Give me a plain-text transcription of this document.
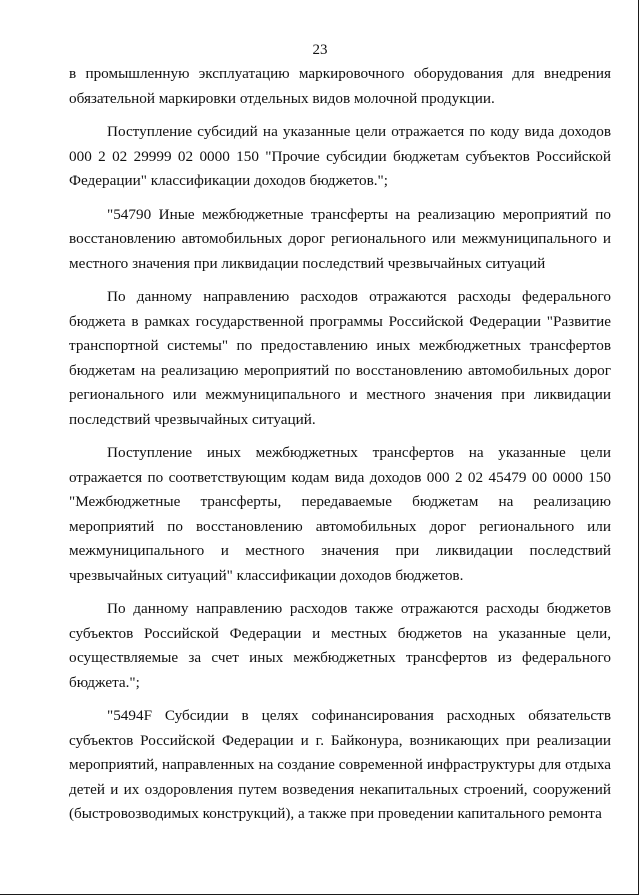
23

в промышленную эксплуатацию маркировочного оборудования для внедрения обязательной маркировки отдельных видов молочной продукции.

Поступление субсидий на указанные цели отражается по коду вида доходов 000 2 02 29999 02 0000 150 "Прочие субсидии бюджетам субъектов Российской Федерации" классификации доходов бюджетов.";

"54790 Иные межбюджетные трансферты на реализацию мероприятий по восстановлению автомобильных дорог регионального или межмуниципального и местного значения при ликвидации последствий чрезвычайных ситуаций

По данному направлению расходов отражаются расходы федерального бюджета в рамках государственной программы Российской Федерации "Развитие транспортной системы" по предоставлению иных межбюджетных трансфертов бюджетам на реализацию мероприятий по восстановлению автомобильных дорог регионального или межмуниципального и местного значения при ликвидации последствий чрезвычайных ситуаций.

Поступление иных межбюджетных трансфертов на указанные цели отражается по соответствующим кодам вида доходов 000 2 02 45479 00 0000 150 "Межбюджетные трансферты, передаваемые бюджетам на реализацию мероприятий по восстановлению автомобильных дорог регионального или межмуниципального и местного значения при ликвидации последствий чрезвычайных ситуаций" классификации доходов бюджетов.

По данному направлению расходов также отражаются расходы бюджетов субъектов Российской Федерации и местных бюджетов на указанные цели, осуществляемые за счет иных межбюджетных трансфертов из федерального бюджета.";

"5494F Субсидии в целях софинансирования расходных обязательств субъектов Российской Федерации и г. Байконура, возникающих при реализации мероприятий, направленных на создание современной инфраструктуры для отдыха детей и их оздоровления путем возведения некапитальных строений, сооружений (быстровозводимых конструкций), а также при проведении капитального ремонта
